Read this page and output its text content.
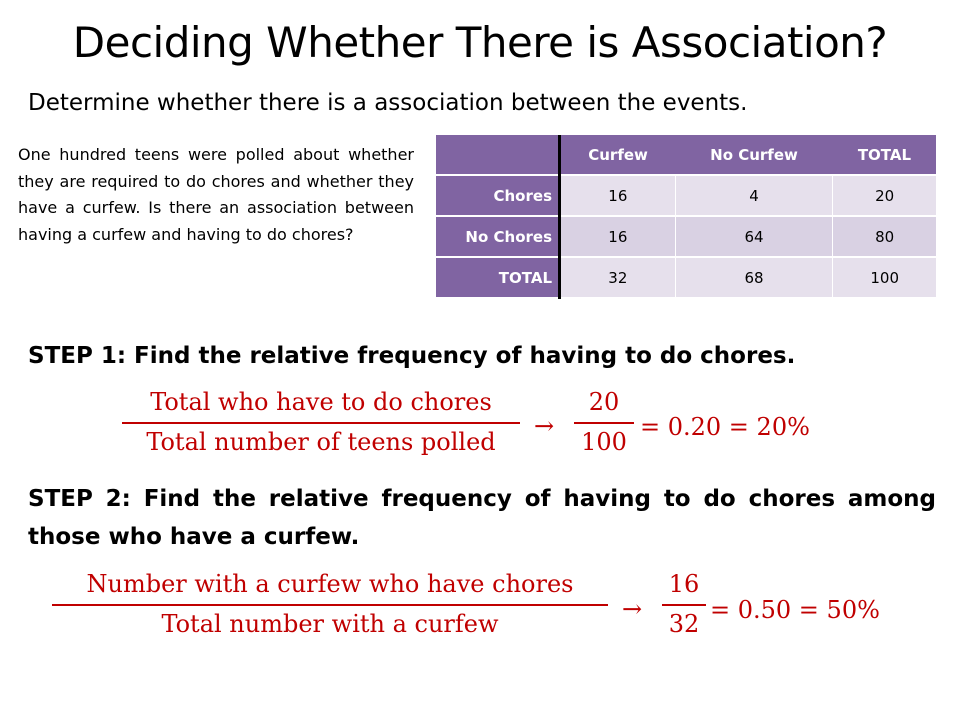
Deciding Whether There is Association?
Determine whether there is a association between the events.
One hundred teens were polled about whether they are required to do chores and whether they have a curfew. Is there an association between having a curfew and having to do chores?
	Curfew	No Curfew	TOTAL
Chores	16	4	20
No Chores	16	64	80
TOTAL	32	68	100
STEP 1: Find the relative frequency of having to do chores.
Total who have to do chores
Total number of teens polled
→
20
100
= 0.20 = 20%
STEP 2: Find the relative frequency of having to do chores among those who have a curfew.
Number with a curfew who have chores
Total number with a curfew
→
16
32 = 0.50 = 50%
